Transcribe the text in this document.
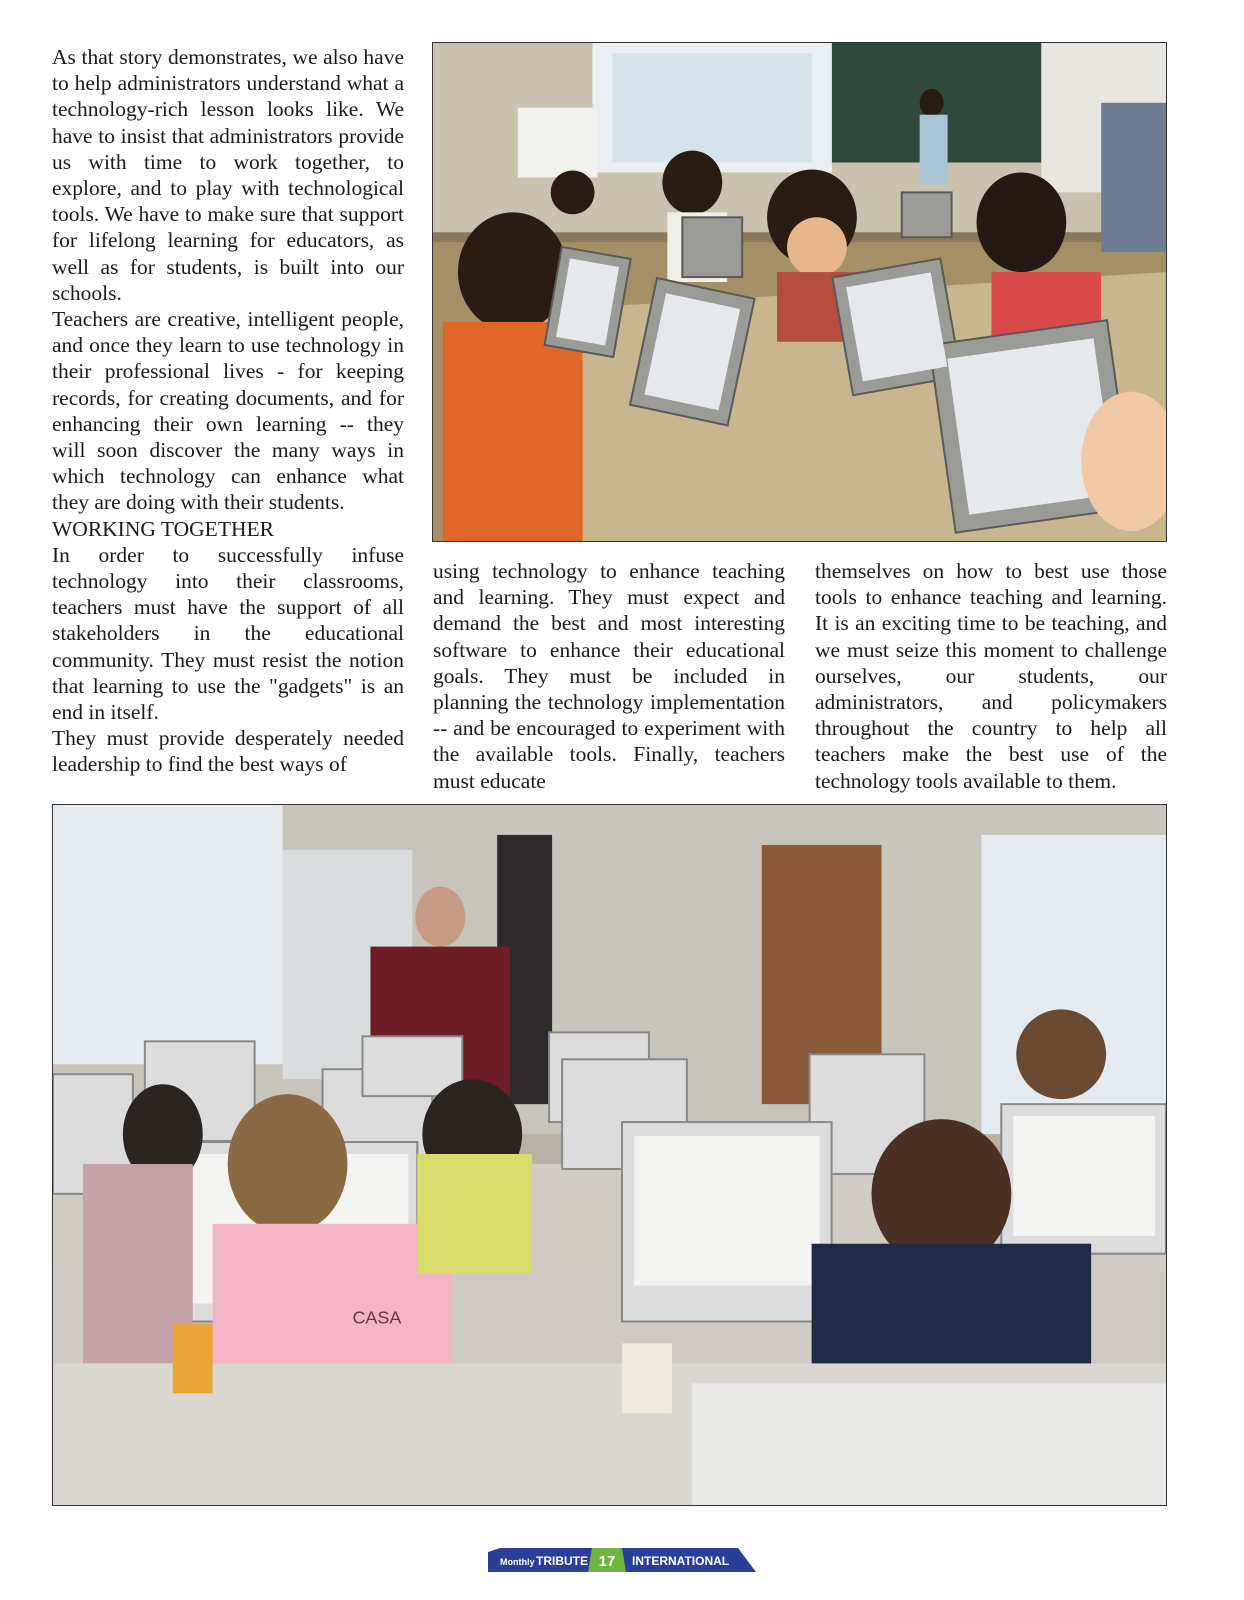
As that story demonstrates, we also have to help administrators understand what a technology-rich lesson looks like. We have to insist that administrators provide us with time to work together, to explore, and to play with technological tools. We have to make sure that support for lifelong learning for educators, as well as for students, is built into our schools.

Teachers are creative, intelligent people, and once they learn to use technology in their professional lives - for keeping records, for creating documents, and for enhancing their own learning -- they will soon discover the many ways in which technology can enhance what they are doing with their students.

WORKING TOGETHER

In order to successfully infuse technology into their classrooms, teachers must have the support of all stakeholders in the educational community. They must resist the notion that learning to use the "gadgets" is an end in itself.

They must provide desperately needed leadership to find the best ways of

using technology to enhance teaching and learning. They must expect and demand the best and most interesting software to enhance their educational goals. They must be included in planning the technology implementation -- and be encouraged to experiment with the available tools. Finally, teachers must educate

themselves on how to best use those tools to enhance teaching and learning. It is an exciting time to be teaching, and we must seize this moment to challenge ourselves, our students, our administrators, and policymakers throughout the country to help all teachers make the best use of the technology tools available to them.

CASA
Monthly TRIBUTE 17 INTERNATIONAL
